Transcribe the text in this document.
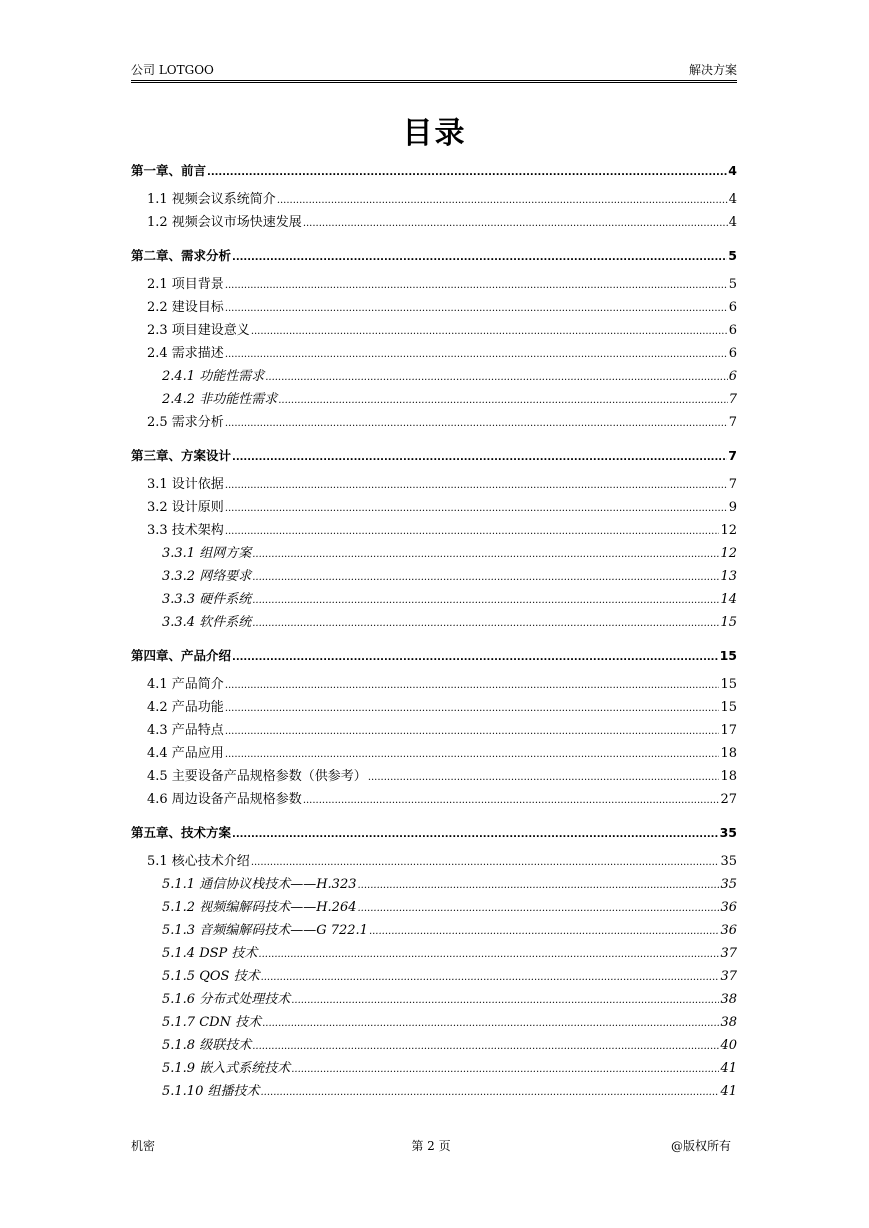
公司 LOTGOO	解决方案
目录
第一章、前言 .....	4
1.1 视频会议系统简介 .....	4
1.2 视频会议市场快速发展 .....	4
第二章、需求分析 .....	5
2.1 项目背景 .....	5
2.2 建设目标 .....	6
2.3 项目建设意义 .....	6
2.4 需求描述 .....	6
2.4.1 功能性需求 .....	6
2.4.2 非功能性需求 .....	7
2.5 需求分析 .....	7
第三章、方案设计 .....	7
3.1 设计依据 .....	7
3.2 设计原则 .....	9
3.3 技术架构 .....	12
3.3.1 组网方案 .....	12
3.3.2 网络要求 .....	13
3.3.3 硬件系统 .....	14
3.3.4 软件系统 .....	15
第四章、产品介绍 .....	15
4.1 产品简介 .....	15
4.2 产品功能 .....	15
4.3 产品特点 .....	17
4.4 产品应用 .....	18
4.5 主要设备产品规格参数（供参考） .....	18
4.6 周边设备产品规格参数 .....	27
第五章、技术方案 .....	35
5.1 核心技术介绍 .....	35
5.1.1 通信协议栈技术——H.323 .....	35
5.1.2 视频编解码技术——H.264 .....	36
5.1.3 音频编解码技术——G 722.1 .....	36
5.1.4 DSP 技术 .....	37
5.1.5 QOS 技术 .....	37
5.1.6 分布式处理技术 .....	38
5.1.7 CDN 技术 .....	38
5.1.8 级联技术 .....	40
5.1.9 嵌入式系统技术 .....	41
5.1.10 组播技术 .....	41
机密	第 2 页	@版权所有
